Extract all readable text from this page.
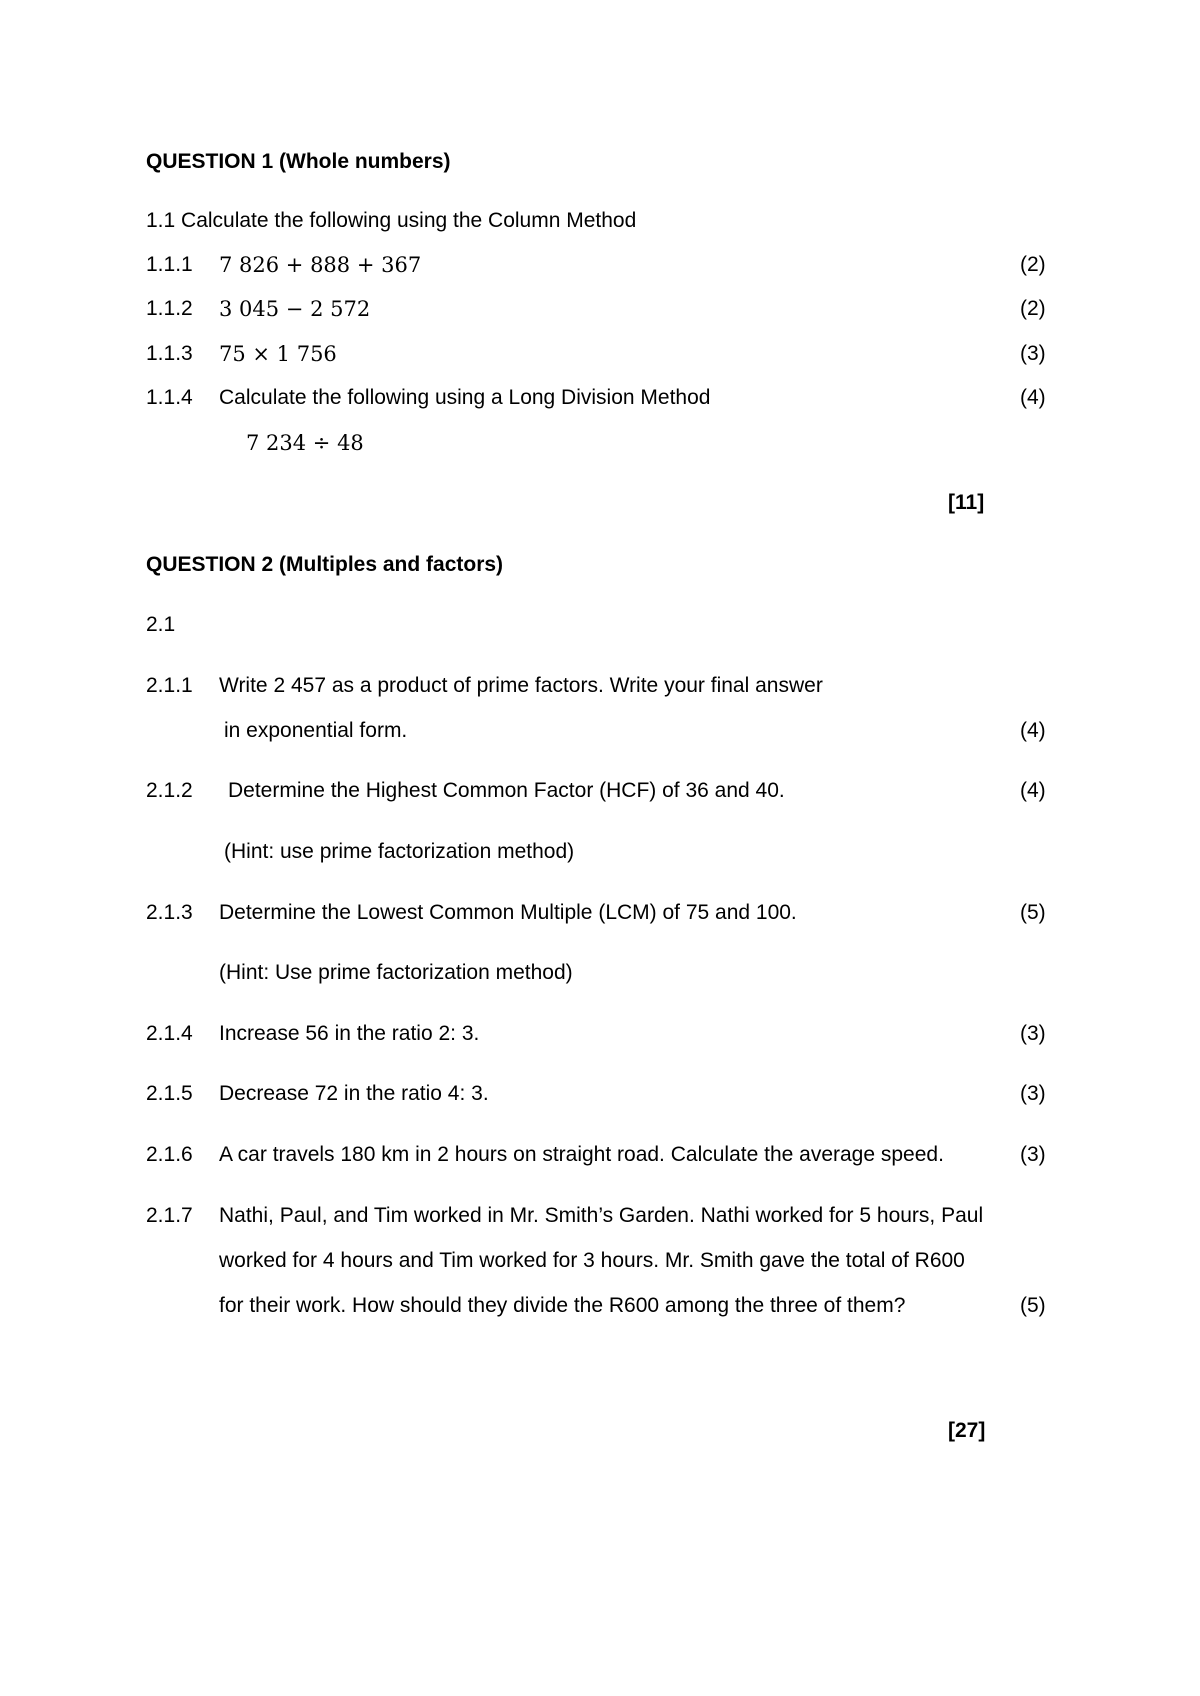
QUESTION 1 (Whole numbers)
1.1 Calculate the following using the Column Method
1.1.1 7 826 + 888 + 367	(2)
1.1.2 3 045 − 2 572	(2)
1.1.3 75 × 1 756	(3)
1.1.4 Calculate the following using a Long Division Method	(4)
7 234 ÷ 48
[11]
QUESTION 2 (Multiples and factors)
2.1
2.1.1 Write 2 457 as a product of prime factors. Write your final answer
in exponential form.	(4)
2.1.2 Determine the Highest Common Factor (HCF) of 36 and 40.	(4)
(Hint: use prime factorization method)
2.1.3 Determine the Lowest Common Multiple (LCM) of 75 and 100.	(5)
(Hint: Use prime factorization method)
2.1.4 Increase 56 in the ratio 2: 3.	(3)
2.1.5 Decrease 72 in the ratio 4: 3.	(3)
2.1.6 A car travels 180 km in 2 hours on straight road. Calculate the average speed.	(3)
2.1.7 Nathi, Paul, and Tim worked in Mr. Smith’s Garden. Nathi worked for 5 hours, Paul
worked for 4 hours and Tim worked for 3 hours. Mr. Smith gave the total of R600
for their work. How should they divide the R600 among the three of them?	(5)
[27]
